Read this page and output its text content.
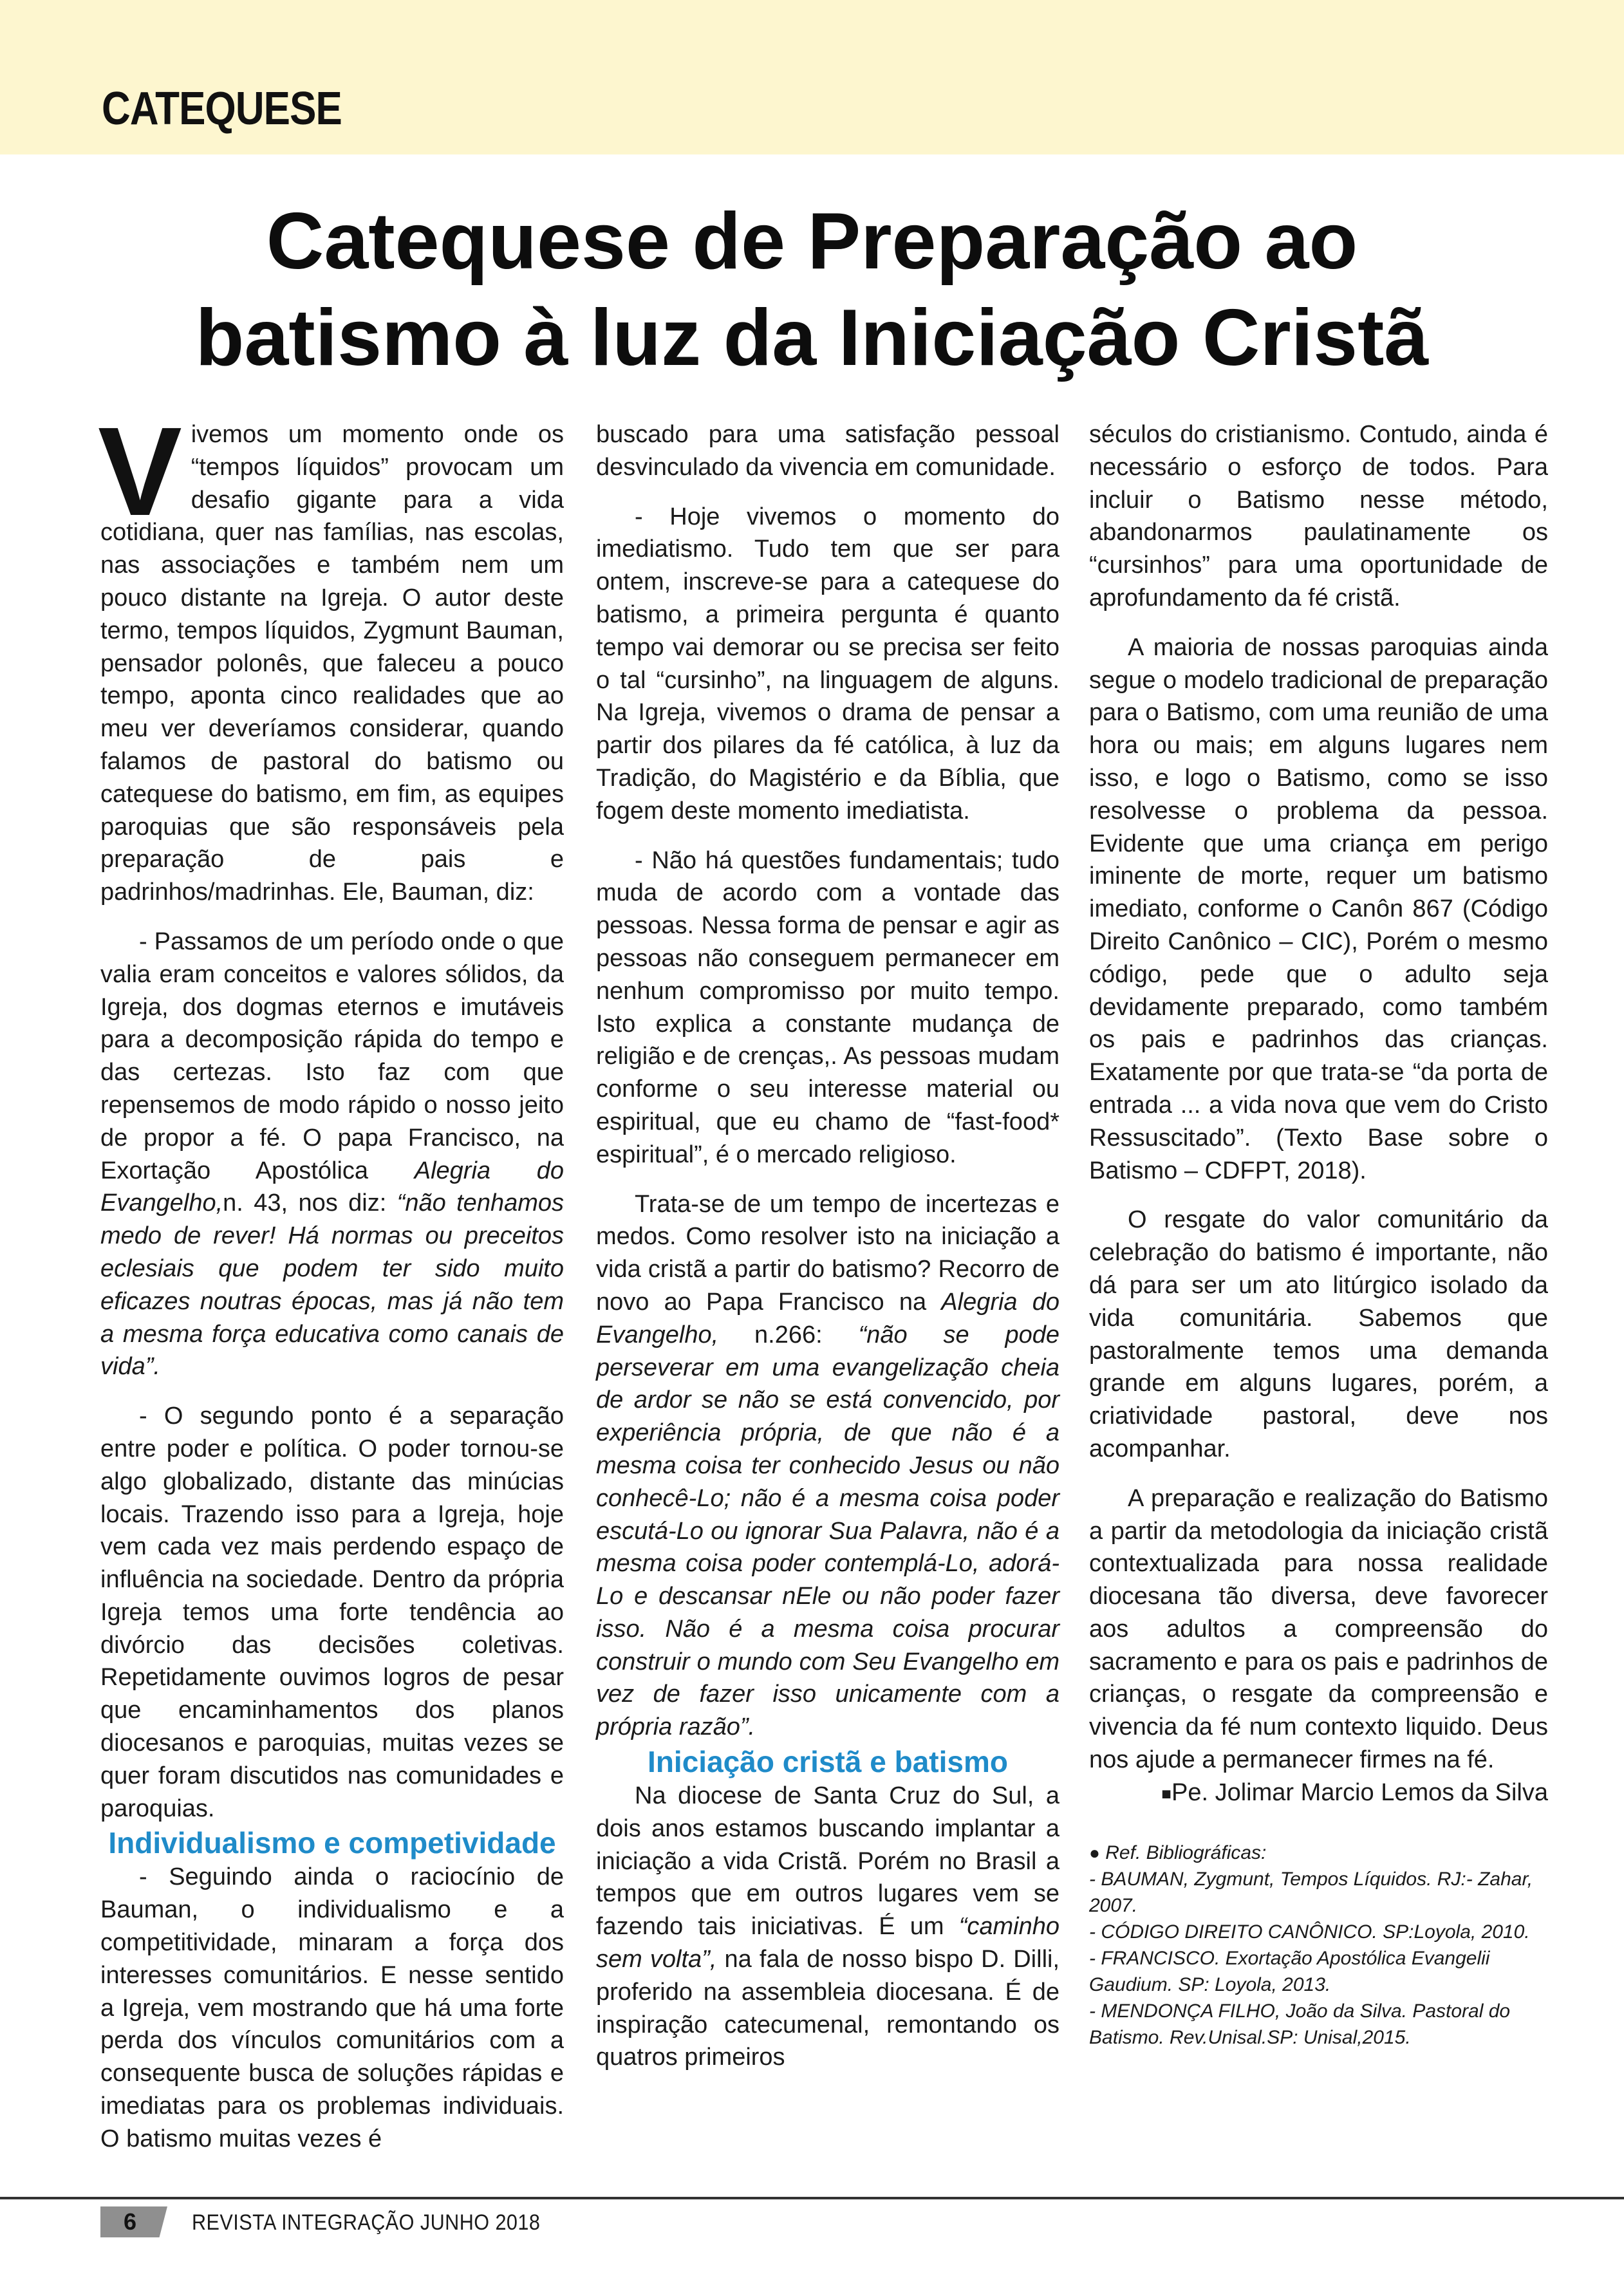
CATEQUESE
Catequese de Preparação ao
batismo à luz da Iniciação Cristã

Vivemos um momento onde os “tempos líquidos” provocam um desafio gigante para a vida cotidiana, quer nas famílias, nas escolas, nas associações e também nem um pouco distante na Igreja. O autor deste termo, tempos líquidos, Zygmunt Bauman, pensador polonês, que faleceu a pouco tempo, aponta cinco realidades que ao meu ver deveríamos considerar, quando falamos de pastoral do batismo ou catequese do batismo, em fim, as equipes paroquias que são responsáveis pela preparação de pais e padrinhos/madrinhas. Ele, Bauman, diz:

- Passamos de um período onde o que valia eram conceitos e valores sólidos, da Igreja, dos dogmas eternos e imutáveis para a decomposição rápida do tempo e das certezas. Isto faz com que repensemos de modo rápido o nosso jeito de propor a fé. O papa Francisco, na Exortação Apostólica Alegria do Evangelho,n. 43, nos diz: “não tenhamos medo de rever! Há normas ou preceitos eclesiais que podem ter sido muito eficazes noutras épocas, mas já não tem a mesma força educativa como canais de vida”.

- O segundo ponto é a separação entre poder e política. O poder tornou-se algo globalizado, distante das minúcias locais. Trazendo isso para a Igreja, hoje vem cada vez mais perdendo espaço de influência na sociedade. Dentro da própria Igreja temos uma forte tendência ao divórcio das decisões coletivas. Repetidamente ouvimos logros de pesar que encaminhamentos dos planos diocesanos e paroquias, muitas vezes se quer foram discutidos nas comunidades e paroquias.

Individualismo e competividade

- Seguindo ainda o raciocínio de Bauman, o individualismo e a competitividade, minaram a força dos interesses comunitários. E nesse sentido a Igreja, vem mostrando que há uma forte perda dos vínculos comunitários com a consequente busca de soluções rápidas e imediatas para os problemas individuais. O batismo muitas vezes é

buscado para uma satisfação pessoal desvinculado da vivencia em comunidade.

- Hoje vivemos o momento do imediatismo. Tudo tem que ser para ontem, inscreve-se para a catequese do batismo, a primeira pergunta é quanto tempo vai demorar ou se precisa ser feito o tal “cursinho”, na linguagem de alguns. Na Igreja, vivemos o drama de pensar a partir dos pilares da fé católica, à luz da Tradição, do Magistério e da Bíblia, que fogem deste momento imediatista.

- Não há questões fundamentais; tudo muda de acordo com a vontade das pessoas. Nessa forma de pensar e agir as pessoas não conseguem permanecer em nenhum compromisso por muito tempo. Isto explica a constante mudança de religião e de crenças,. As pessoas mudam conforme o seu interesse material ou espiritual, que eu chamo de “fast-food* espiritual”, é o mercado religioso.

Trata-se de um tempo de incertezas e medos. Como resolver isto na iniciação a vida cristã a partir do batismo? Recorro de novo ao Papa Francisco na Alegria do Evangelho, n.266: “não se pode perseverar em uma evangelização cheia de ardor se não se está convencido, por experiência própria, de que não é a mesma coisa ter conhecido Jesus ou não conhecê-Lo; não é a mesma coisa poder escutá-Lo ou ignorar Sua Palavra, não é a mesma coisa poder contemplá-Lo, adorá-Lo e descansar nEle ou não poder fazer isso. Não é a mesma coisa procurar construir o mundo com Seu Evangelho em vez de fazer isso unicamente com a própria razão”.

Iniciação cristã e batismo

Na diocese de Santa Cruz do Sul, a dois anos estamos buscando implantar a iniciação a vida Cristã. Porém no Brasil a tempos que em outros lugares vem se fazendo tais iniciativas. É um “caminho sem volta”, na fala de nosso bispo D. Dilli, proferido na assembleia diocesana. É de inspiração catecumenal, remontando os quatros primeiros

séculos do cristianismo. Contudo, ainda é necessário o esforço de todos. Para incluir o Batismo nesse método, abandonarmos paulatinamente os “cursinhos” para uma oportunidade de aprofundamento da fé cristã.

A maioria de nossas paroquias ainda segue o modelo tradicional de preparação para o Batismo, com uma reunião de uma hora ou mais; em alguns lugares nem isso, e logo o Batismo, como se isso resolvesse o problema da pessoa. Evidente que uma criança em perigo iminente de morte, requer um batismo imediato, conforme o Canôn 867 (Código Direito Canônico – CIC), Porém o mesmo código, pede que o adulto seja devidamente preparado, como também os pais e padrinhos das crianças. Exatamente por que trata-se “da porta de entrada ... a vida nova que vem do Cristo Ressuscitado”. (Texto Base sobre o Batismo – CDFPT, 2018).

O resgate do valor comunitário da celebração do batismo é importante, não dá para ser um ato litúrgico isolado da vida comunitária. Sabemos que pastoralmente temos uma demanda grande em alguns lugares, porém, a criatividade pastoral, deve nos acompanhar.

A preparação e realização do Batismo a partir da metodologia da iniciação cristã contextualizada para nossa realidade diocesana tão diversa, deve favorecer aos adultos a compreensão do sacramento e para os pais e padrinhos de crianças, o resgate da compreensão e vivencia da fé num contexto liquido. Deus nos ajude a permanecer firmes na fé.

■Pe. Jolimar Marcio Lemos da Silva

● Ref. Bibliográficas:
- BAUMAN, Zygmunt, Tempos Líquidos. RJ:- Zahar, 2007.
- CÓDIGO DIREITO CANÔNICO. SP:Loyola, 2010.
- FRANCISCO. Exortação Apostólica Evangelii Gaudium. SP: Loyola, 2013.
- MENDONÇA FILHO, João da Silva. Pastoral do Batismo. Rev.Unisal.SP: Unisal,2015.
6	REVISTA INTEGRAÇÃO JUNHO 2018
